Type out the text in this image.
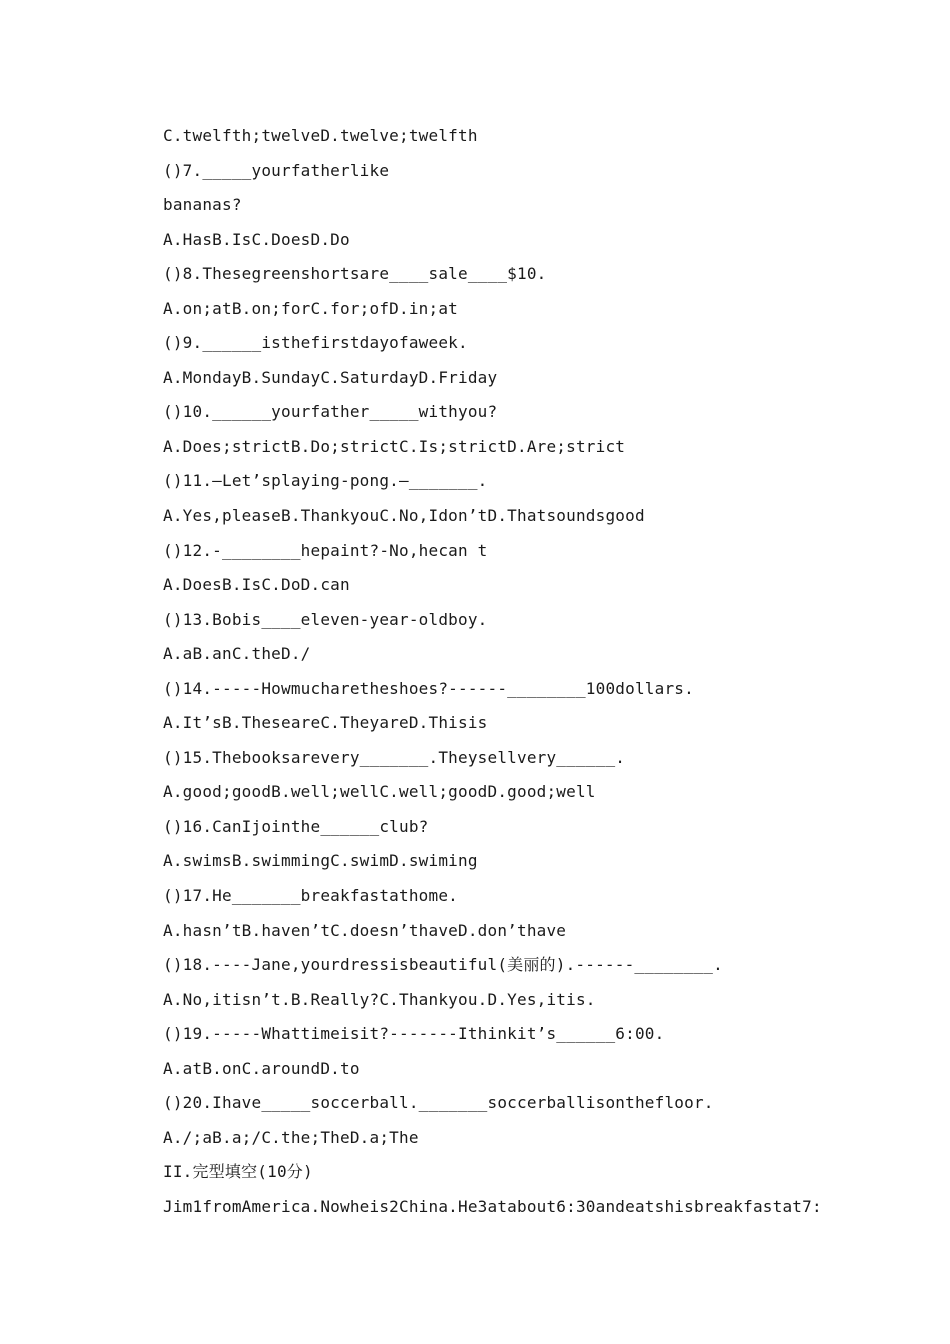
C.twelfth;twelveD.twelve;twelfth
()7._____yourfatherlike
bananas?
A.HasB.IsC.DoesD.Do
()8.Thesegreenshortsare____sale____$10.
A.on;atB.on;forC.for;ofD.in;at
()9.______isthefirstdayofaweek.
A.MondayB.SundayC.SaturdayD.Friday
()10.______yourfather_____withyou?
A.Does;strictB.Do;strictC.Is;strictD.Are;strict
()11.—Let’splaying-pong.—_______.
A.Yes,pleaseB.ThankyouC.No,Idon’tD.Thatsoundsgood
()12.-________hepaint?-No,hecan t
A.DoesB.IsC.DoD.can
()13.Bobis____eleven-year-oldboy.
A.aB.anC.theD./
()14.-----Howmucharetheshoes?------________100dollars.
A.It’sB.TheseareC.TheyareD.Thisis
()15.Thebooksarevery_______.Theysellvery______.
A.good;goodB.well;wellC.well;goodD.good;well
()16.CanIjointhe______club?
A.swimsB.swimmingC.swimD.swiming
()17.He_______breakfastathome.
A.hasn’tB.haven’tC.doesn’thaveD.don’thave
()18.----Jane,yourdressisbeautiful(美丽的).------________.
A.No,itisn’t.B.Really?C.Thankyou.D.Yes,itis.
()19.-----Whattimeisit?-------Ithinkit’s______6:00.
A.atB.onC.aroundD.to
()20.Ihave_____soccerball._______soccerballisonthefloor.
A./;aB.a;/C.the;TheD.a;The
II.完型填空(10分)
Jim1fromAmerica.Nowheis2China.He3atabout6:30andeatshisbreakfastat7:
